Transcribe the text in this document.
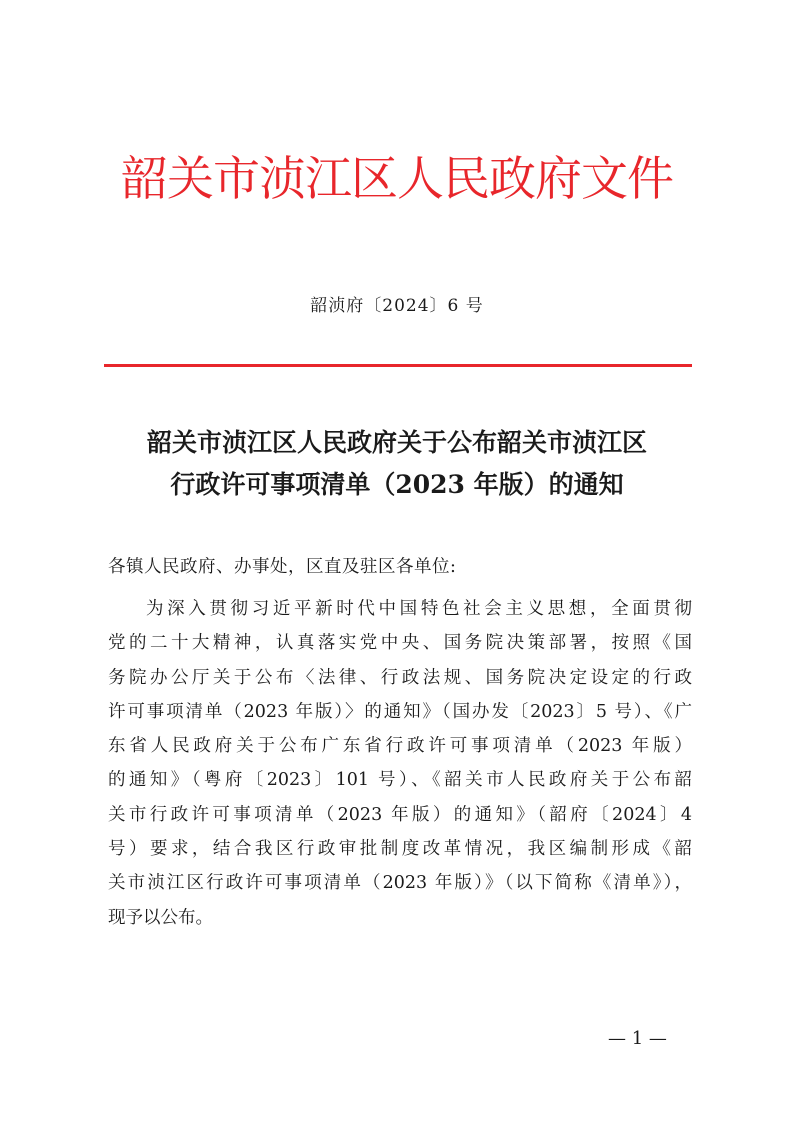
韶关市浈江区人民政府文件
韶浈府〔2024〕6 号
韶关市浈江区人民政府关于公布韶关市浈江区
行政许可事项清单（2023 年版）的通知
各镇人民政府、办事处，区直及驻区各单位:
为深入贯彻习近平新时代中国特色社会主义思想，全面贯彻
党的二十大精神，认真落实党中央、国务院决策部署，按照《国
务院办公厅关于公布〈法律、行政法规、国务院决定设定的行政
许可事项清单（2023 年版）〉的通知》（国办发〔2023〕5 号）、《广
东省人民政府关于公布广东省行政许可事项清单（2023 年版）
的通知》（粤府〔2023〕101 号）、《韶关市人民政府关于公布韶
关市行政许可事项清单（2023 年版）的通知》（韶府〔2024〕4
号）要求，结合我区行政审批制度改革情况，我区编制形成《韶
关市浈江区行政许可事项清单（2023 年版）》（以下简称《清单》），
现予以公布。
— 1 —
